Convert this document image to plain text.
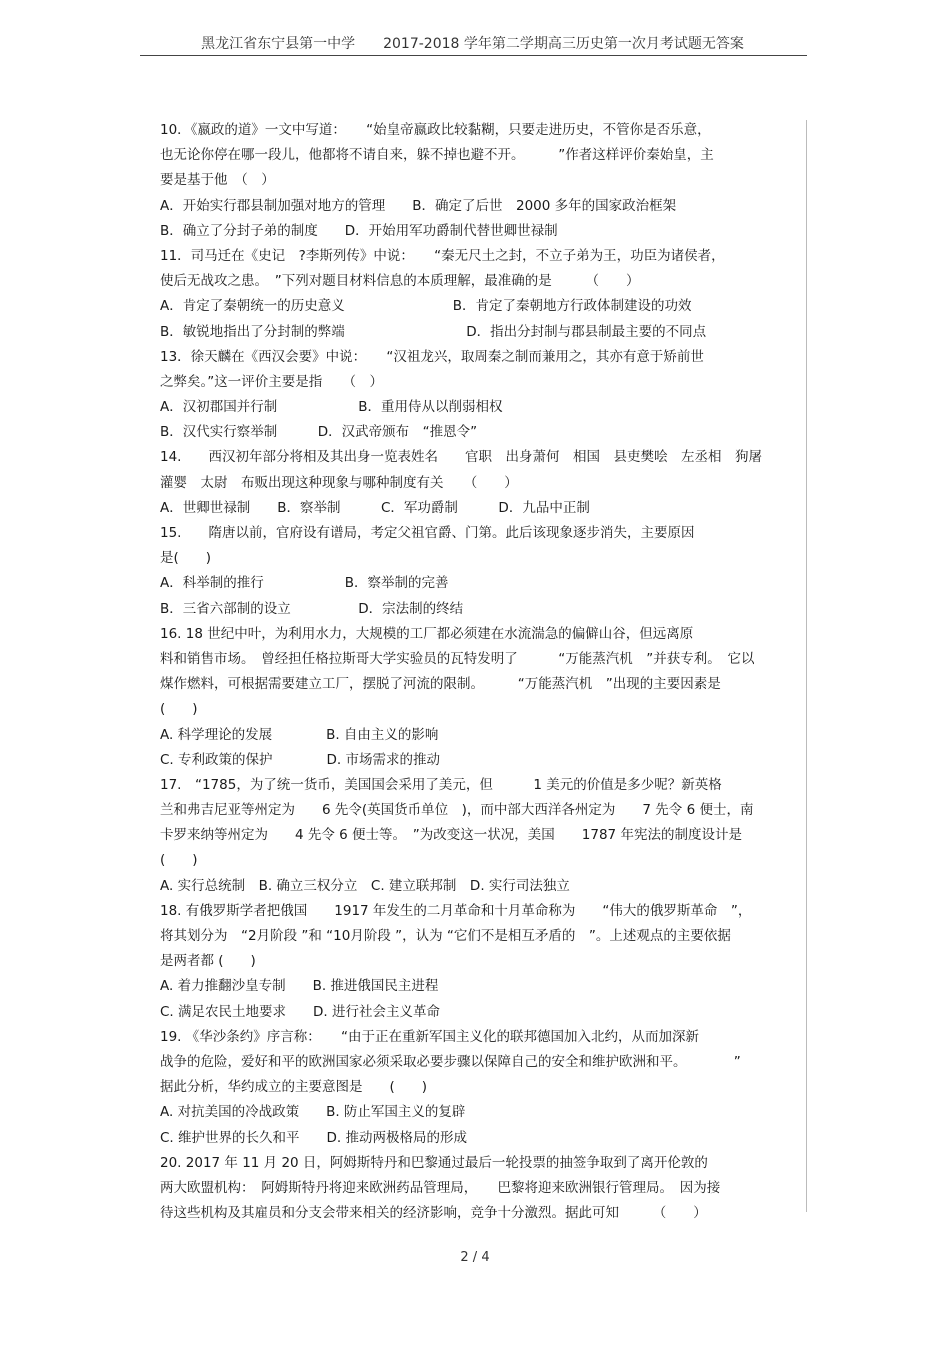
黑龙江省东宁县第一中学　　2017-2018 学年第二学期高三历史第一次月考试题无答案
10．《嬴政的道》一文中写道：　　“始皇帝嬴政比较黏糊，只要走进历史，不管你是否乐意，
也无论你停在哪一段儿，他都将不请自来，躲不掉也避不开。　　　”作者这样评价秦始皇，主
要是基于他　（　）
A．开始实行郡县制加强对地方的管理　　B．确定了后世　2000 多年的国家政治框架
B．确立了分封子弟的制度　　D．开始用军功爵制代替世卿世禄制
11．司马迁在《史记　?李斯列传》中说：　　“秦无尺土之封，不立子弟为王，功臣为诸侯者，
使后无战攻之患。　”下列对题目材料信息的本质理解，最准确的是　　　（　　）
A．肯定了秦朝统一的历史意义　　　　　　　　B．肯定了秦朝地方行政体制建设的功效
B．敏锐地指出了分封制的弊端　　　　　　　　　D．指出分封制与郡县制最主要的不同点
13．徐天麟在《西汉会要》中说：　　“汉祖龙兴，取周秦之制而兼用之，其亦有意于矫前世
之弊矣。”这一评价主要是指　　（　）
A．汉初郡国并行制　　　　　　B．重用侍从以削弱相权
B．汉代实行察举制　　　D．汉武帝颁布　“推恩令”
14.　　西汉初年部分将相及其出身一览表姓名　　官职　出身萧何　相国　县吏樊哙　左丞相　狗屠
灌婴　太尉　布贩出现这种现象与哪种制度有关　　（　　）
A．世卿世禄制　　B．察举制　　　C．军功爵制　　　D．九品中正制
15.　　隋唐以前，官府设有谱局，考定父祖官爵、门第。此后该现象逐步消失，主要原因
是(　　)
A．科举制的推行　　　　　　B．察举制的完善
B．三省六部制的设立　　　　　D．宗法制的终结
16. 18 世纪中叶，为利用水力，大规模的工厂都必须建在水流湍急的偏僻山谷，但远离原
料和销售市场。　曾经担任格拉斯哥大学实验员的瓦特发明了　　　“万能蒸汽机　”并获专利。　它以
煤作燃料，可根据需要建立工厂，摆脱了河流的限制。　　　“万能蒸汽机　”出现的主要因素是
(　　)
A. 科学理论的发展　　　　B. 自由主义的影响
C. 专利政策的保护　　　　D. 市场需求的推动
17.　“1785，为了统一货币，美国国会采用了美元，但　　　1 美元的价值是多少呢？新英格
兰和弗吉尼亚等州定为　　6 先令(英国货币单位　)，而中部大西洋各州定为　　7 先令 6 便士，南
卡罗来纳等州定为　　4 先令 6 便士等。　”为改变这一状况，美国　　1787 年宪法的制度设计是
(　　)
A. 实行总统制　B. 确立三权分立　C. 建立联邦制　D. 实行司法独立
18. 有俄罗斯学者把俄国　　1917 年发生的二月革命和十月革命称为　　“伟大的俄罗斯革命　”，
将其划分为　“2月阶段 ”和 “10月阶段 ”，认为 “它们不是相互矛盾的　”。上述观点的主要依据
是两者都 (　　)
A. 着力推翻沙皇专制　　B. 推进俄国民主进程
C. 满足农民土地要求　　D. 进行社会主义革命
19. 《华沙条约》序言称：　　“由于正在重新军国主义化的联邦德国加入北约，从而加深新
战争的危险，爱好和平的欧洲国家必须采取必要步骤以保障自己的安全和维护欧洲和平。　　　　”
据此分析，华约成立的主要意图是　　(　　)
A. 对抗美国的冷战政策　　B. 防止军国主义的复辟
C. 维护世界的长久和平　　D. 推动两极格局的形成
20. 2017 年 11 月 20 日，阿姆斯特丹和巴黎通过最后一轮投票的抽签争取到了离开伦敦的
两大欧盟机构：　阿姆斯特丹将迎来欧洲药品管理局，　　巴黎将迎来欧洲银行管理局。　因为接
待这些机构及其雇员和分支会带来相关的经济影响，竞争十分激烈。据此可知　　　（　　）
2 / 4
